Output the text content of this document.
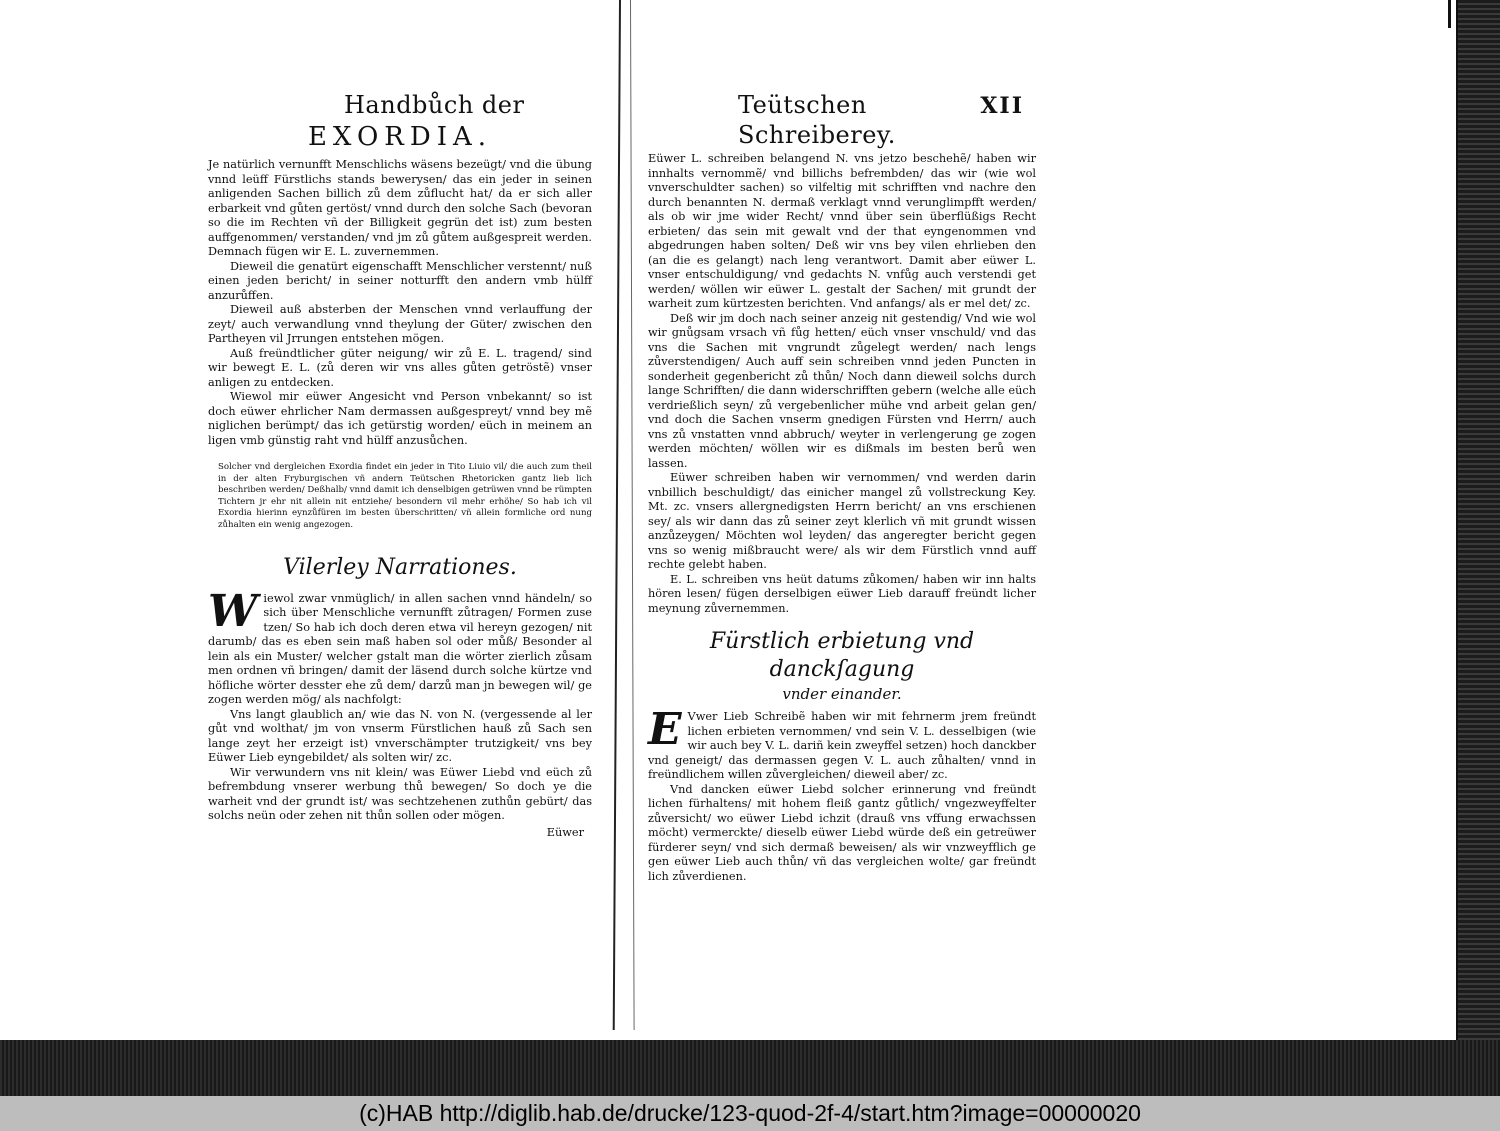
Handbůch der
EXORDIA.

Je natürlich vernunfft Menschlichs wäsens bezeügt/ vnd die übung vnnd leüff Fürstlichs stands bewerysen/ das ein jeder in seinen anligenden Sachen billich zů dem zůflucht hat/ da er sich aller erbarkeit vnd gůten gertöst/ vnnd durch den solche Sach (bevoran so die im Rechten vñ der Billigkeit gegrün det ist) zum besten auffgenommen/ verstanden/ vnd jm zů gůtem außgespreit werden. Demnach fügen wir E. L. zuvernemmen.

Dieweil die genatürt eigenschafft Menschlicher verstennt/ nuß einen jeden bericht/ in seiner notturfft den andern vmb hülff anzurůffen.

Dieweil auß absterben der Menschen vnnd verlauffung der zeyt/ auch verwandlung vnnd theylung der Güter/ zwischen den Partheyen vil Jrrungen entstehen mögen.

Auß freündtlicher güter neigung/ wir zů E. L. tragend/ sind wir bewegt E. L. (zů deren wir vns alles gůten getröstẽ) vnser anligen zu entdecken.

Wiewol mir eüwer Angesicht vnd Person vnbekannt/ so ist doch eüwer ehrlicher Nam dermassen außgespreyt/ vnnd bey mẽ niglichen berümpt/ das ich getürstig worden/ eüch in meinem an ligen vmb günstig raht vnd hülff anzusůchen.

Solcher vnd dergleichen Exordia findet ein jeder in Tito Liuio vil/ die auch zum theil in der alten Fryburgischen vñ andern Teütschen Rhetoricken gantz lieb lich beschriben werden/ Deßhalb/ vnnd damit ich denselbigen getrüwen vnnd be rümpten Tichtern jr ehr nit allein nit entziehe/ besondern vil mehr erhöhe/ So hab ich vil Exordia hierinn eynzůfüren im besten überschritten/ vñ allein formliche ord nung zůhalten ein wenig angezogen.
Vilerley Narrationes.

Wiewol zwar vnmüglich/ in allen sachen vnnd händeln/ so sich über Menschliche vernunfft zůtragen/ Formen zuse tzen/ So hab ich doch deren etwa vil hereyn gezogen/ nit darumb/ das es eben sein maß haben sol oder můß/ Besonder al lein als ein Muster/ welcher gstalt man die wörter zierlich zůsam men ordnen vñ bringen/ damit der läsend durch solche kürtze vnd höfliche wörter desster ehe zů dem/ darzů man jn bewegen wil/ ge zogen werden mög/ als nachfolgt:

Vns langt glaublich an/ wie das N. von N. (vergessende al ler gůt vnd wolthat/ jm von vnserm Fürstlichen hauß zů Sach sen lange zeyt her erzeigt ist) vnverschämpter trutzigkeit/ vns bey Eüwer Lieb eyngebildet/ als solten wir/ zc.

Wir verwundern vns nit klein/ was Eüwer Liebd vnd eüch zů befrembdung vnserer werbung thů bewegen/ So doch ye die warheit vnd der grundt ist/ was sechtzehenen zuthůn gebürt/ das solchs neün oder zehen nit thůn sollen oder mögen.

Eüwer
Teütschen Schreiberey.
XII

Eüwer L. schreiben belangend N. vns jetzo beschehẽ/ haben wir innhalts vernommẽ/ vnd billichs befrembden/ das wir (wie wol vnverschuldter sachen) so vilfeltig mit schrifften vnd nachre den durch benannten N. dermaß verklagt vnnd verunglimpfft werden/ als ob wir jme wider Recht/ vnnd über sein überflüßigs Recht erbieten/ das sein mit gewalt vnd der that eyngenommen vnd abgedrungen haben solten/ Deß wir vns bey vilen ehrlieben den (an die es gelangt) nach leng verantwort. Damit aber eüwer L. vnser entschuldigung/ vnd gedachts N. vnfůg auch verstendi get werden/ wöllen wir eüwer L. gestalt der Sachen/ mit grundt der warheit zum kürtzesten berichten. Vnd anfangs/ als er mel det/ zc.

Deß wir jm doch nach seiner anzeig nit gestendig/ Vnd wie wol wir gnůgsam vrsach vñ fůg hetten/ eüch vnser vnschuld/ vnd das vns die Sachen mit vngrundt zůgelegt werden/ nach lengs zůverstendigen/ Auch auff sein schreiben vnnd jeden Puncten in sonderheit gegenbericht zů thůn/ Noch dann dieweil solchs durch lange Schrifften/ die dann widerschrifften gebern (welche alle eüch verdrießlich seyn/ zů vergebenlicher mühe vnd arbeit gelan gen/ vnd doch die Sachen vnserm gnedigen Fürsten vnd Herrn/ auch vns zů vnstatten vnnd abbruch/ weyter in verlengerung ge zogen werden möchten/ wöllen wir es dißmals im besten berů wen lassen.

Eüwer schreiben haben wir vernommen/ vnd werden darin vnbillich beschuldigt/ das einicher mangel zů vollstreckung Key. Mt. zc. vnsers allergnedigsten Herrn bericht/ an vns erschienen sey/ als wir dann das zů seiner zeyt klerlich vñ mit grundt wissen anzůzeygen/ Möchten wol leyden/ das angeregter bericht gegen vns so wenig mißbraucht were/ als wir dem Fürstlich vnnd auff rechte gelebt haben.

E. L. schreiben vns heüt datums zůkomen/ haben wir inn halts hören lesen/ fügen derselbigen eüwer Lieb darauff freündt licher meynung zůvernemmen.

Fürstlich erbietung vnd danckſagung
vnder einander.

E Vwer Lieb Schreibẽ haben wir mit fehrnerm jrem freündt lichen erbieten vernommen/ vnd sein V. L. desselbigen (wie wir auch bey V. L. dariñ kein zweyffel setzen) hoch danckber vnd geneigt/ das dermassen gegen V. L. auch zůhalten/ vnnd in freündlichem willen zůvergleichen/ dieweil aber/ zc.

Vnd dancken eüwer Liebd solcher erinnerung vnd freündt lichen fürhaltens/ mit hohem fleiß gantz gůtlich/ vngezweyffelter zůversicht/ wo eüwer Liebd ichzit (drauß vns vffung erwachssen möcht) vermerckte/ dieselb eüwer Liebd würde deß ein getreüwer fürderer seyn/ vnd sich dermaß beweisen/ als wir vnzweyfflich ge gen eüwer Lieb auch thůn/ vñ das vergleichen wolte/ gar freündt lich zůverdienen.

(c)HAB http://diglib.hab.de/drucke/123-quod-2f-4/start.htm?image=00000020
